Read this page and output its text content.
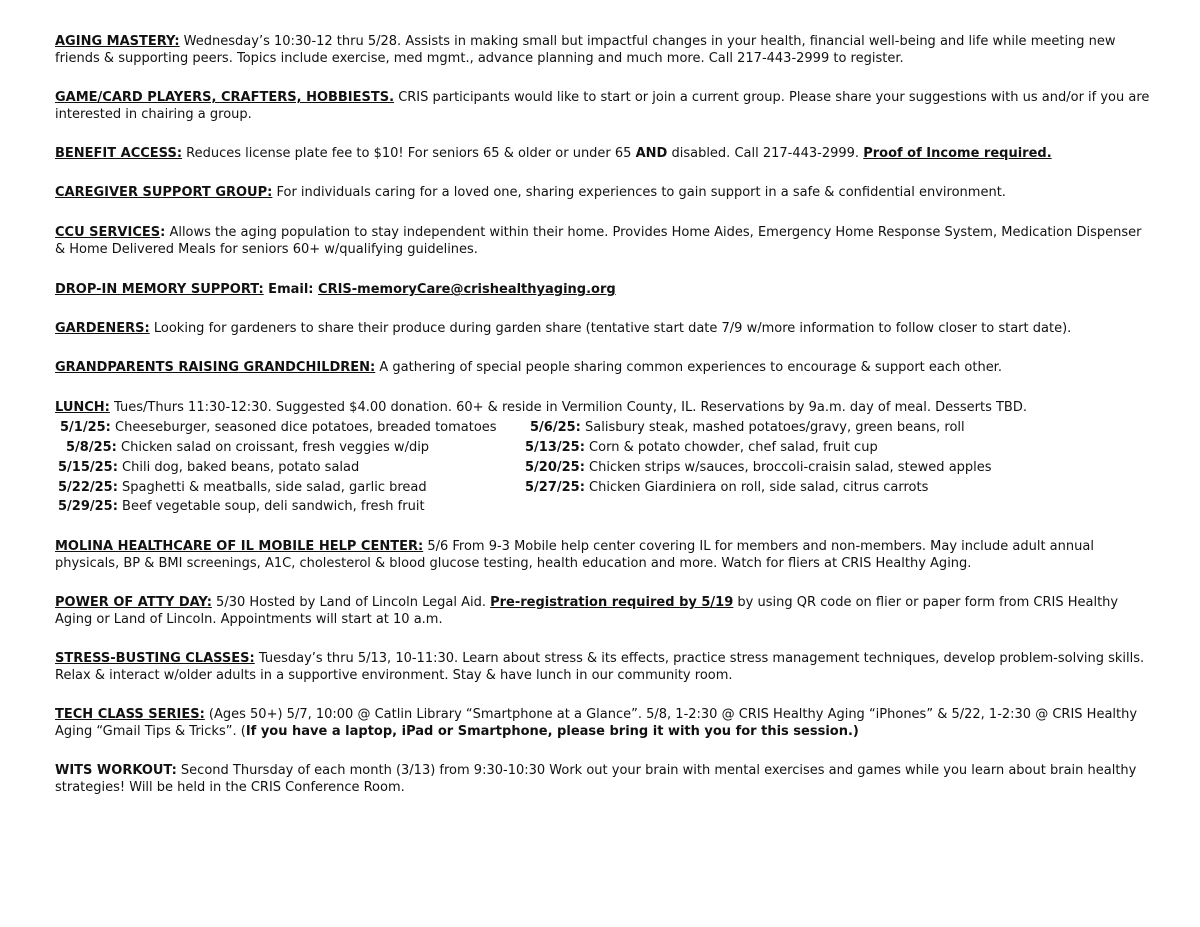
AGING MASTERY: Wednesday’s 10:30-12 thru 5/28. Assists in making small but impactful changes in your health, financial well-being and life while meeting new friends & supporting peers. Topics include exercise, med mgmt., advance planning and much more. Call 217-443-2999 to register.

GAME/CARD PLAYERS, CRAFTERS, HOBBIESTS. CRIS participants would like to start or join a current group. Please share your suggestions with us and/or if you are interested in chairing a group.

BENEFIT ACCESS: Reduces license plate fee to $10! For seniors 65 & older or under 65 AND disabled. Call 217-443-2999. Proof of Income required.

CAREGIVER SUPPORT GROUP: For individuals caring for a loved one, sharing experiences to gain support in a safe & confidential environment.

CCU SERVICES: Allows the aging population to stay independent within their home. Provides Home Aides, Emergency Home Response System, Medication Dispenser & Home Delivered Meals for seniors 60+ w/qualifying guidelines.

DROP-IN MEMORY SUPPORT: Email: CRIS-memoryCare@crishealthyaging.org

GARDENERS: Looking for gardeners to share their produce during garden share (tentative start date 7/9 w/more information to follow closer to start date).

GRANDPARENTS RAISING GRANDCHILDREN: A gathering of special people sharing common experiences to encourage & support each other.

LUNCH: Tues/Thurs 11:30-12:30. Suggested $4.00 donation. 60+ & reside in Vermilion County, IL. Reservations by 9a.m. day of meal. Desserts TBD.

5/1/25: Cheeseburger, seasoned dice potatoes, breaded tomatoes	5/6/25: Salisbury steak, mashed potatoes/gravy, green beans, roll
5/8/25: Chicken salad on croissant, fresh veggies w/dip	5/13/25: Corn & potato chowder, chef salad, fruit cup
5/15/25: Chili dog, baked beans, potato salad	5/20/25: Chicken strips w/sauces, broccoli-craisin salad, stewed apples
5/22/25: Spaghetti & meatballs, side salad, garlic bread	5/27/25: Chicken Giardiniera on roll, side salad, citrus carrots
5/29/25: Beef vegetable soup, deli sandwich, fresh fruit

MOLINA HEALTHCARE OF IL MOBILE HELP CENTER: 5/6 From 9-3 Mobile help center covering IL for members and non-members. May include adult annual physicals, BP & BMI screenings, A1C, cholesterol & blood glucose testing, health education and more. Watch for fliers at CRIS Healthy Aging.

POWER OF ATTY DAY: 5/30 Hosted by Land of Lincoln Legal Aid. Pre-registration required by 5/19 by using QR code on flier or paper form from CRIS Healthy Aging or Land of Lincoln. Appointments will start at 10 a.m.

STRESS-BUSTING CLASSES: Tuesday’s thru 5/13, 10-11:30. Learn about stress & its effects, practice stress management techniques, develop problem-solving skills. Relax & interact w/older adults in a supportive environment. Stay & have lunch in our community room.

TECH CLASS SERIES: (Ages 50+) 5/7, 10:00 @ Catlin Library “Smartphone at a Glance”. 5/8, 1-2:30 @ CRIS Healthy Aging “iPhones” & 5/22, 1-2:30 @ CRIS Healthy Aging “Gmail Tips & Tricks”. (If you have a laptop, iPad or Smartphone, please bring it with you for this session.)

WITS WORKOUT: Second Thursday of each month (3/13) from 9:30-10:30 Work out your brain with mental exercises and games while you learn about brain healthy strategies! Will be held in the CRIS Conference Room.
